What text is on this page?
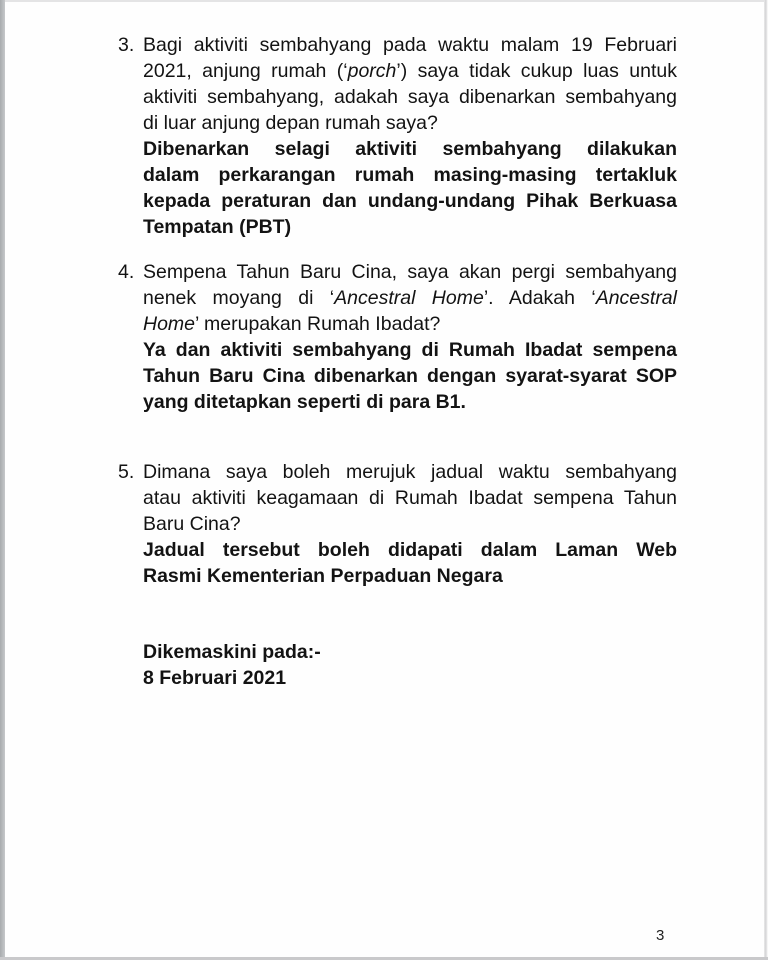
3. Bagi aktiviti sembahyang pada waktu malam 19 Februari
2021, anjung rumah (‘porch’) saya tidak cukup luas untuk
aktiviti sembahyang, adakah saya dibenarkan sembahyang
di luar anjung depan rumah saya?
Dibenarkan selagi aktiviti sembahyang dilakukan
dalam perkarangan rumah masing-masing tertakluk
kepada peraturan dan undang-undang Pihak Berkuasa
Tempatan (PBT)
4. Sempena Tahun Baru Cina, saya akan pergi sembahyang
nenek moyang di ‘Ancestral Home’. Adakah ‘Ancestral
Home’ merupakan Rumah Ibadat?
Ya dan aktiviti sembahyang di Rumah Ibadat sempena
Tahun Baru Cina dibenarkan dengan syarat-syarat SOP
yang ditetapkan seperti di para B1.
5. Dimana saya boleh merujuk jadual waktu sembahyang
atau aktiviti keagamaan di Rumah Ibadat sempena Tahun
Baru Cina?
Jadual tersebut boleh didapati dalam Laman Web
Rasmi Kementerian Perpaduan Negara
Dikemaskini pada:-
8 Februari 2021
3
